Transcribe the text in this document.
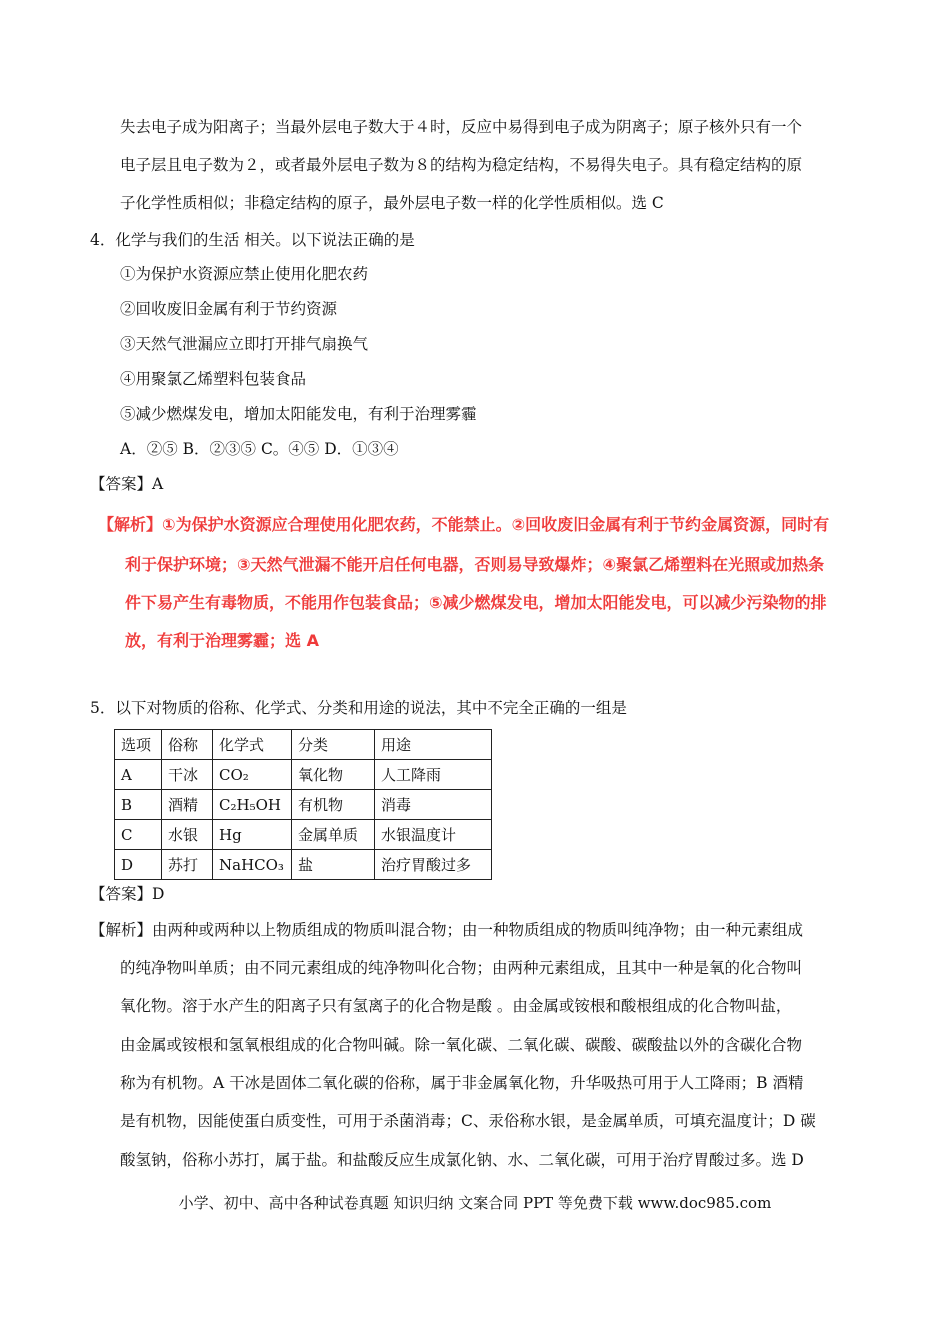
失去电子成为阳离子；当最外层电子数大于４时，反应中易得到电子成为阴离子；原子核外只有一个
电子层且电子数为２，或者最外层电子数为８的结构为稳定结构，不易得失电子。具有稳定结构的原
子化学性质相似；非稳定结构的原子，最外层电子数一样的化学性质相似。选 C
4．化学与我们的生活 相关。以下说法正确的是
①为保护水资源应禁止使用化肥农药
②回收废旧金属有利于节约资源
③天然气泄漏应立即打开排气扇换气
④用聚氯乙烯塑料包装食品
⑤减少燃煤发电，增加太阳能发电，有利于治理雾霾
A．②⑤ B．②③⑤ C。④⑤ D．①③④
【答案】A
【解析】①为保护水资源应合理使用化肥农药，不能禁止。②回收废旧金属有利于节约金属资源，同时有
利于保护环境；③天然气泄漏不能开启任何电器，否则易导致爆炸；④聚氯乙烯塑料在光照或加热条
件下易产生有毒物质，不能用作包装食品；⑤减少燃煤发电，增加太阳能发电，可以减少污染物的排
放，有利于治理雾霾；选 A
5．以下对物质的俗称、化学式、分类和用途的说法，其中不完全正确的一组是
选项	俗称	化学式	分类	用途
A	干冰	CO₂	氧化物	人工降雨
B	酒精	C₂H₅OH	有机物	消毒
C	水银	Hg	金属单质	水银温度计
D	苏打	NaHCO₃	盐	治疗胃酸过多
【答案】D
【解析】由两种或两种以上物质组成的物质叫混合物；由一种物质组成的物质叫纯净物；由一种元素组成
的纯净物叫单质；由不同元素组成的纯净物叫化合物；由两种元素组成，且其中一种是氧的化合物叫
氧化物。溶于水产生的阳离子只有氢离子的化合物是酸 。由金属或铵根和酸根组成的化合物叫盐，
由金属或铵根和氢氧根组成的化合物叫碱。除一氧化碳、二氧化碳、碳酸、碳酸盐以外的含碳化合物
称为有机物。A 干冰是固体二氧化碳的俗称，属于非金属氧化物，升华吸热可用于人工降雨；B 酒精
是有机物，因能使蛋白质变性，可用于杀菌消毒；C、汞俗称水银，是金属单质，可填充温度计；D 碳
酸氢钠，俗称小苏打，属于盐。和盐酸反应生成氯化钠、水、二氧化碳，可用于治疗胃酸过多。选 D
小学、初中、高中各种试卷真题 知识归纳 文案合同 PPT 等免费下载 www.doc985.com
